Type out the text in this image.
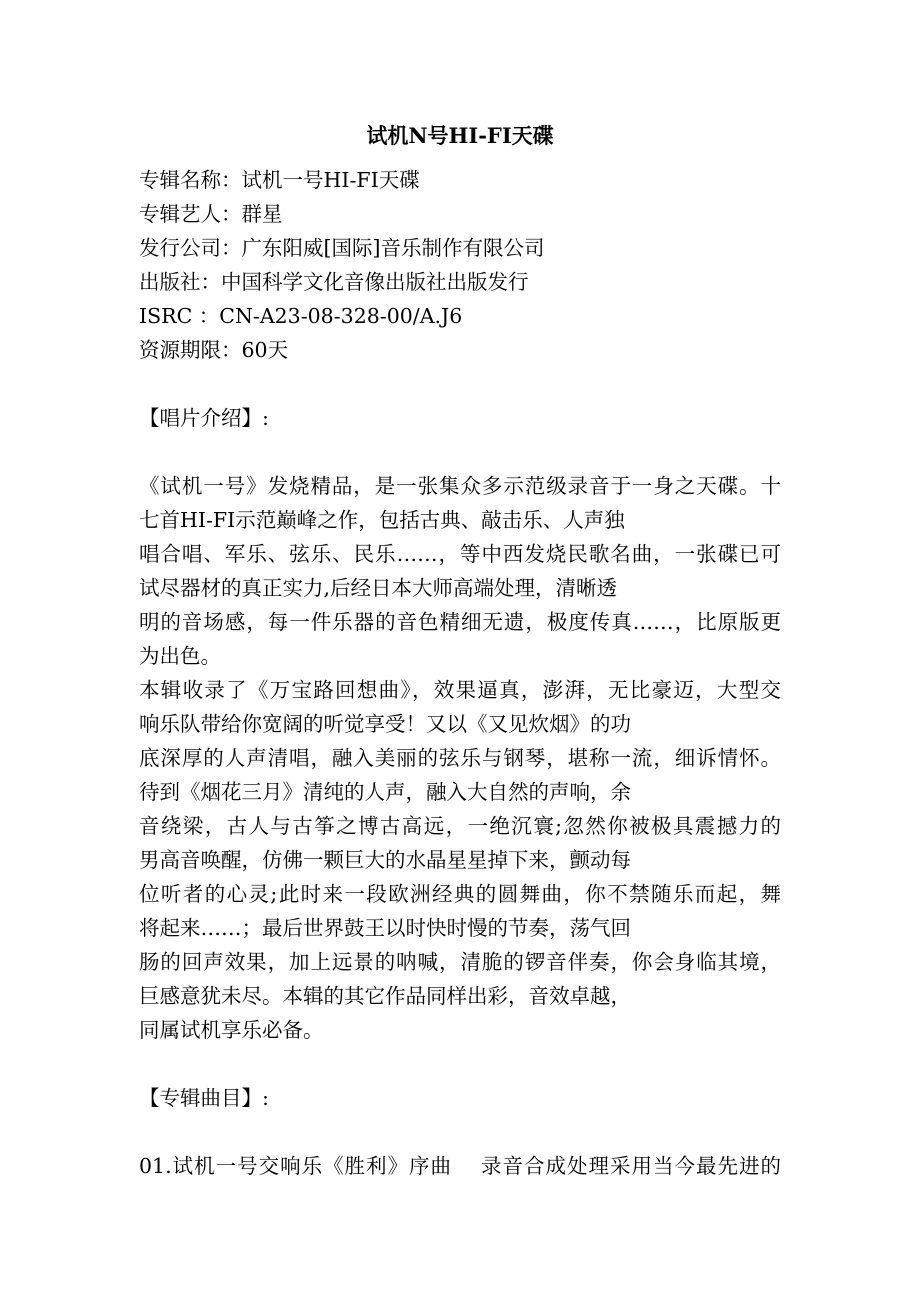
试机N号HI-FI天碟
专辑名称：试机一号HI-FI天碟
专辑艺人：群星
发行公司：广东阳威[国际]音乐制作有限公司
出版社：中国科学文化音像出版社出版发行
ISRC ：CN-A23-08-328-00/A.J6
资源期限：60天
【唱片介绍】:
《试机一号》发烧精品，是一张集众多示范级录音于一身之天碟。十
七首HI-FI示范巅峰之作，包括古典、敲击乐、人声独
唱合唱、军乐、弦乐、民乐……，等中西发烧民歌名曲，一张碟已可
试尽器材的真正实力,后经日本大师高端处理，清晰透
明的音场感，每一件乐器的音色精细无遗，极度传真……，比原版更
为出色。
本辑收录了《万宝路回想曲》，效果逼真，澎湃，无比豪迈，大型交
响乐队带给你宽阔的听觉享受！又以《又见炊烟》的功
底深厚的人声清唱，融入美丽的弦乐与钢琴，堪称一流，细诉情怀。
待到《烟花三月》清纯的人声，融入大自然的声响，余
音绕梁，古人与古筝之博古高远，一绝沉寰;忽然你被极具震撼力的
男高音唤醒，仿佛一颗巨大的水晶星星掉下来，颤动每
位听者的心灵;此时来一段欧洲经典的圆舞曲，你不禁随乐而起，舞
将起来……；最后世界鼓王以时快时慢的节奏，荡气回
肠的回声效果，加上远景的呐喊，清脆的锣音伴奏，你会身临其境，
巨感意犹未尽。本辑的其它作品同样出彩，音效卓越，
同属试机享乐必备。
【专辑曲目】:
01.试机一号交响乐《胜利》序曲　 录音合成处理采用当今最先进的
